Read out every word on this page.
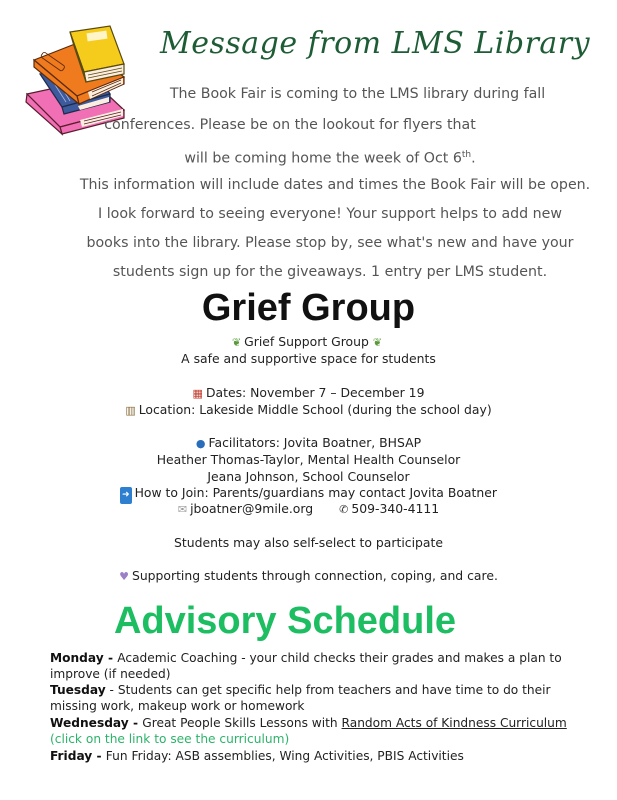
Message from LMS Library
The Book Fair is coming to the LMS library during fall
conferences. Please be on the lookout for flyers that
will be coming home the week of Oct 6th.
This information will include dates and times the Book Fair will be open.
I look forward to seeing everyone! Your support helps to add new
books into the library. Please stop by, see what's new and have your
students sign up for the giveaways. 1 entry per LMS student.
Grief Group
❦ Grief Support Group ❦
A safe and supportive space for students
▦ Dates: November 7 – December 19
▥ Location: Lakeside Middle School (during the school day)
● Facilitators: Jovita Boatner, BHSAP
Heather Thomas-Taylor, Mental Health Counselor
Jeana Johnson, School Counselor
➜ How to Join: Parents/guardians may contact Jovita Boatner
✉ jboatner@9mile.org ✆ 509-340-4111
Students may also self-select to participate
♥ Supporting students through connection, coping, and care.
Advisory Schedule
Monday - Academic Coaching - your child checks their grades and makes a plan to
improve (if needed)
Tuesday - Students can get specific help from teachers and have time to do their
missing work, makeup work or homework
Wednesday - Great People Skills Lessons with Random Acts of Kindness Curriculum
(click on the link to see the curriculum)
Friday - Fun Friday: ASB assemblies, Wing Activities, PBIS Activities
